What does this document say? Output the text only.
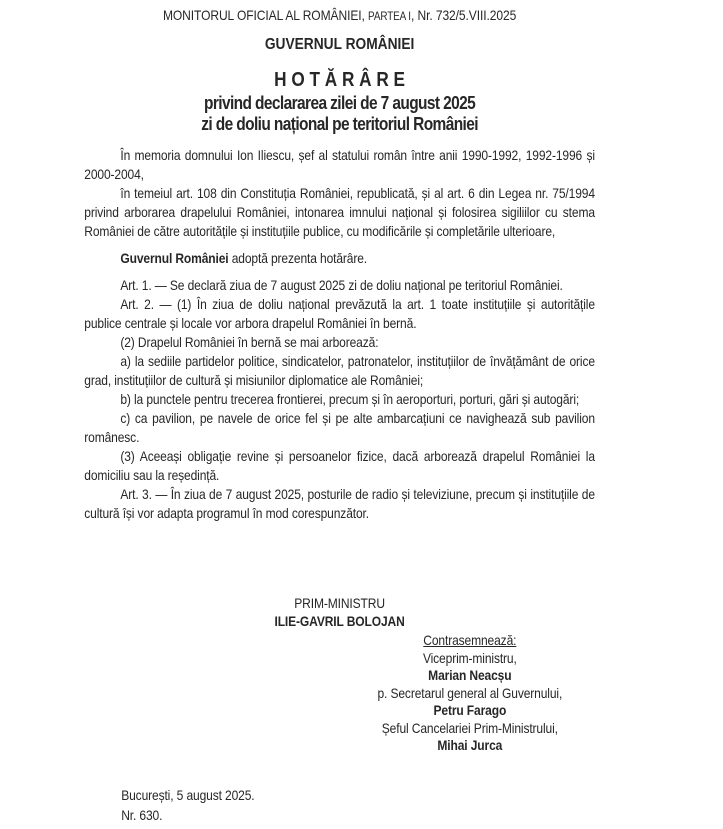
MONITORUL OFICIAL AL ROMÂNIEI, PARTEA I, Nr. 732/5.VIII.2025
GUVERNUL ROMÂNIEI
H O T Ă R Â R E
privind declararea zilei de 7 august 2025
zi de doliu național pe teritoriul României

În memoria domnului Ion Iliescu, șef al statului român între anii 1990-1992, 1992-1996 și 2000-2004,

în temeiul art. 108 din Constituția României, republicată, și al art. 6 din Legea nr. 75/1994 privind arborarea drapelului României, intonarea imnului național și folosirea sigiliilor cu stema României de către autoritățile și instituțiile publice, cu modificările și completările ulterioare,

Guvernul României adoptă prezenta hotărâre.

Art. 1. — Se declară ziua de 7 august 2025 zi de doliu național pe teritoriul României.

Art. 2. — (1) În ziua de doliu național prevăzută la art. 1 toate instituțiile și autoritățile publice centrale și locale vor arbora drapelul României în bernă.

(2) Drapelul României în bernă se mai arborează:

a) la sediile partidelor politice, sindicatelor, patronatelor, instituțiilor de învățământ de orice grad, instituțiilor de cultură și misiunilor diplomatice ale României;

b) la punctele pentru trecerea frontierei, precum și în aeroporturi, porturi, gări și autogări;

c) ca pavilion, pe navele de orice fel și pe alte ambarcațiuni ce navighează sub pavilion românesc.

(3) Aceeași obligație revine și persoanelor fizice, dacă arborează drapelul României la domiciliu sau la reședință.

Art. 3. — În ziua de 7 august 2025, posturile de radio și televiziune, precum și instituțiile de cultură își vor adapta programul în mod corespunzător.

PRIM-MINISTRU
ILIE-GAVRIL BOLOJAN
Contrasemnează:
Viceprim-ministru,
Marian Neacșu
p. Secretarul general al Guvernului,
Petru Farago
Șeful Cancelariei Prim-Ministrului,
Mihai Jurca
București, 5 august 2025.
Nr. 630.
